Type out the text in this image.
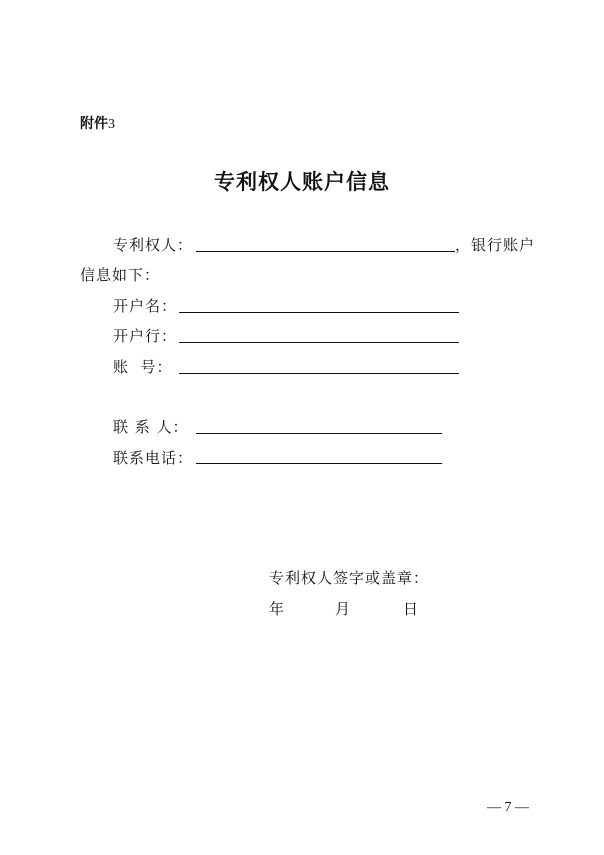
附件3
专利权人账户信息
专利权人：	，银行账户
信息如下：
开户名：
开户行：
账  号：
联 系 人：
联系电话：
专利权人签字或盖章：
年	月	日
— 7 —
